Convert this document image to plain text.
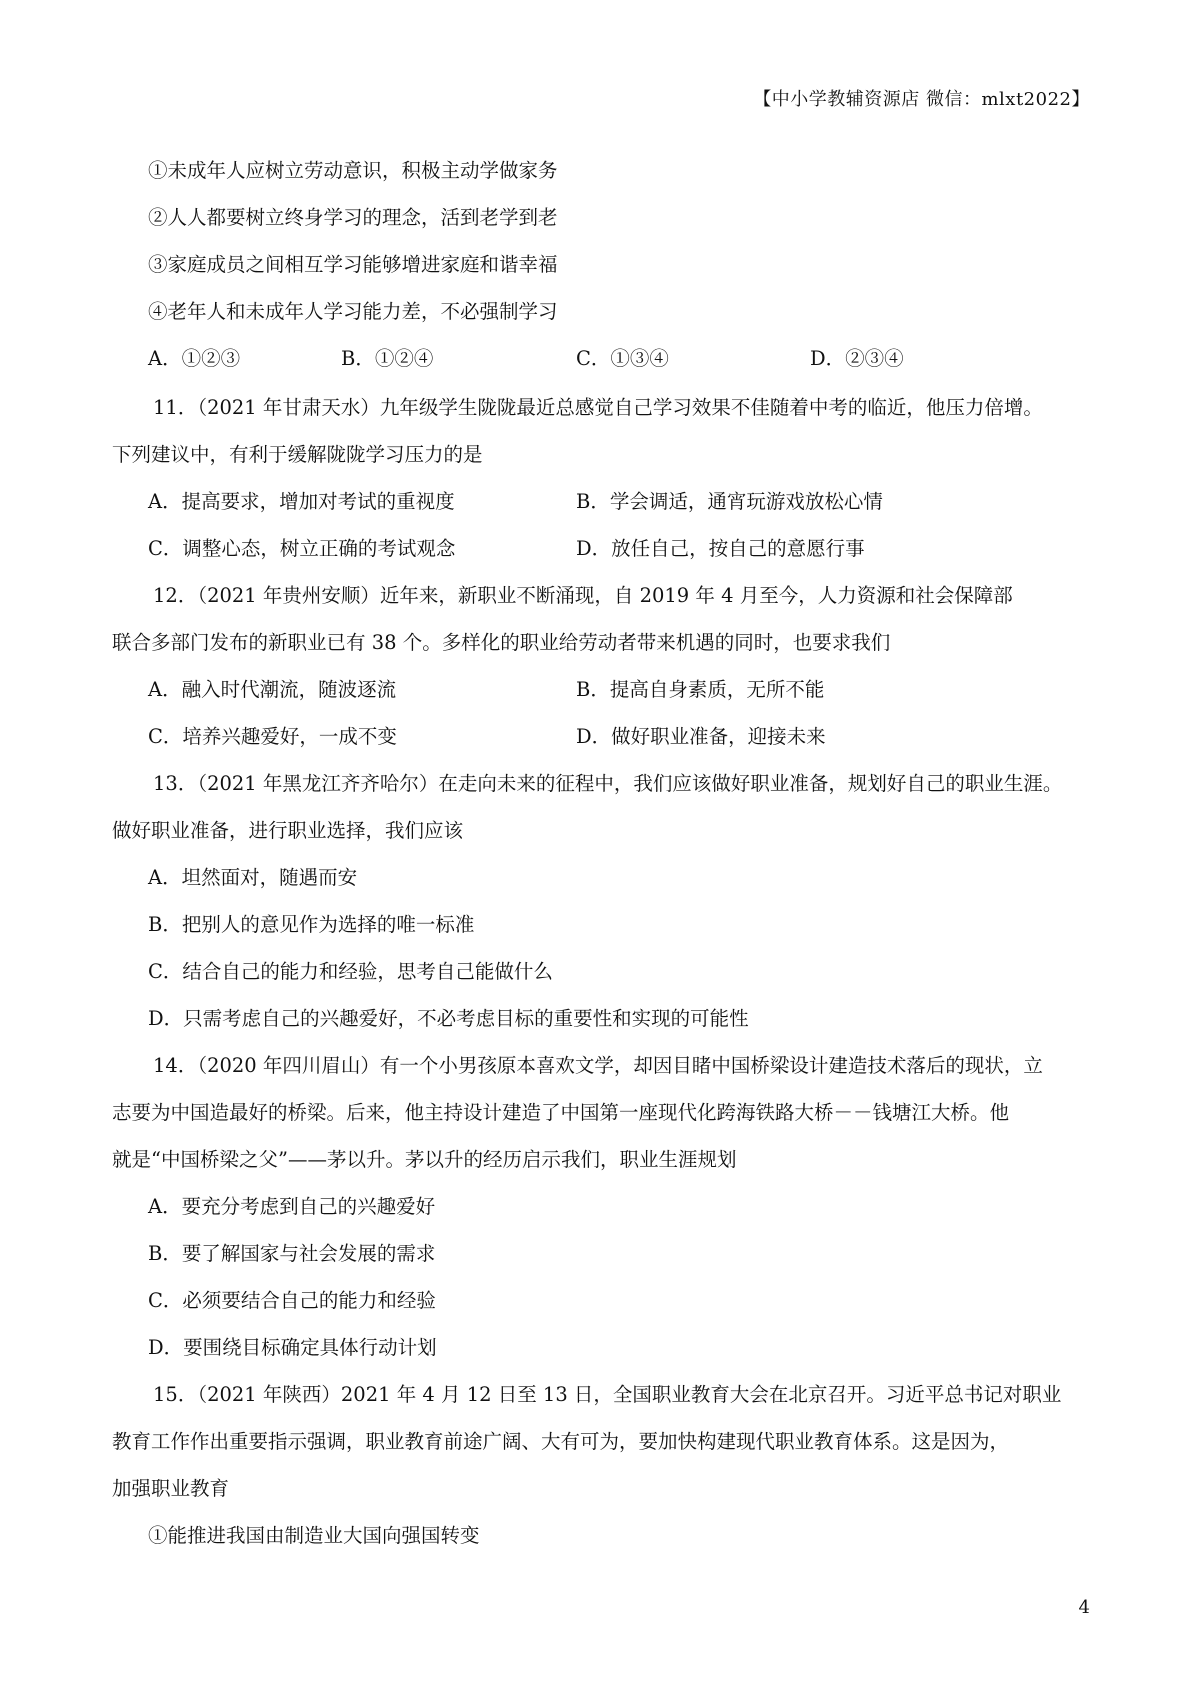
【中小学教辅资源店 微信：mlxt2022】
①未成年人应树立劳动意识，积极主动学做家务
②人人都要树立终身学习的理念，活到老学到老
③家庭成员之间相互学习能够增进家庭和谐幸福
④老年人和未成年人学习能力差，不必强制学习
A．①②③	B．①②④	C．①③④	D．②③④
11．（2021 年甘肃天水）九年级学生陇陇最近总感觉自己学习效果不佳随着中考的临近，他压力倍增。
下列建议中，有利于缓解陇陇学习压力的是
A．提高要求，增加对考试的重视度	B．学会调适，通宵玩游戏放松心情
C．调整心态，树立正确的考试观念	D．放任自己，按自己的意愿行事
12．（2021 年贵州安顺）近年来，新职业不断涌现，自 2019 年 4 月至今，人力资源和社会保障部
联合多部门发布的新职业已有 38 个。多样化的职业给劳动者带来机遇的同时，也要求我们
A．融入时代潮流，随波逐流	B．提高自身素质，无所不能
C．培养兴趣爱好，一成不变	D．做好职业准备，迎接未来
13．（2021 年黑龙江齐齐哈尔）在走向未来的征程中，我们应该做好职业准备，规划好自己的职业生涯。
做好职业准备，进行职业选择，我们应该
A．坦然面对，随遇而安
B．把别人的意见作为选择的唯一标准
C．结合自己的能力和经验，思考自己能做什么
D．只需考虑自己的兴趣爱好，不必考虑目标的重要性和实现的可能性
14．（2020 年四川眉山）有一个小男孩原本喜欢文学，却因目睹中国桥梁设计建造技术落后的现状，立
志要为中国造最好的桥梁。后来，他主持设计建造了中国第一座现代化跨海铁路大桥－－钱塘江大桥。他
就是“中国桥梁之父”——茅以升。茅以升的经历启示我们，职业生涯规划
A．要充分考虑到自己的兴趣爱好
B．要了解国家与社会发展的需求
C．必须要结合自己的能力和经验
D．要围绕目标确定具体行动计划
15．（2021 年陕西）2021 年 4 月 12 日至 13 日，全国职业教育大会在北京召开。习近平总书记对职业
教育工作作出重要指示强调，职业教育前途广阔、大有可为，要加快构建现代职业教育体系。这是因为，
加强职业教育
①能推进我国由制造业大国向强国转变
4
